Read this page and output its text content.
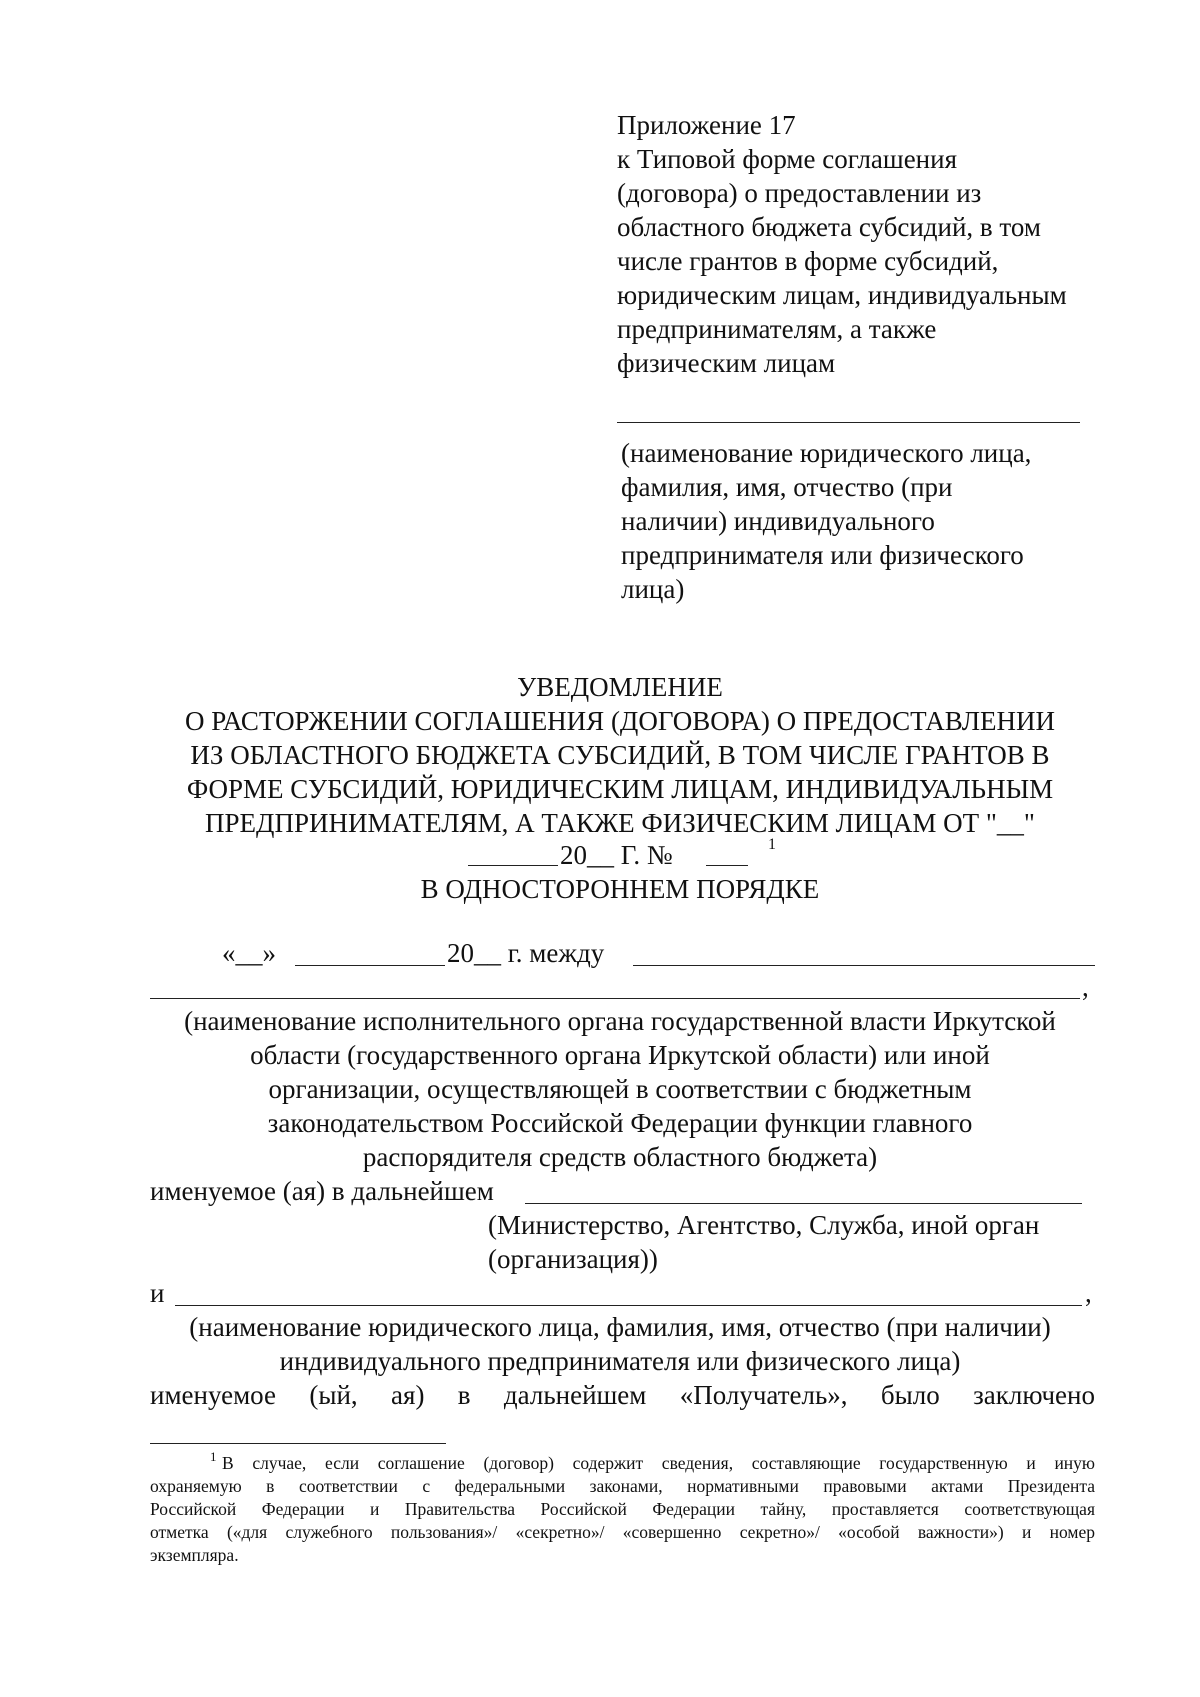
Приложение 17
к Типовой форме соглашения
(договора) о предоставлении из
областного бюджета субсидий, в том
числе грантов в форме субсидий,
юридическим лицам, индивидуальным
предпринимателям, а также
физическим лицам
(наименование юридического лица,
фамилия, имя, отчество (при
наличии) индивидуального
предпринимателя или физического
лица)
УВЕДОМЛЕНИЕ
О РАСТОРЖЕНИИ СОГЛАШЕНИЯ (ДОГОВОРА) О ПРЕДОСТАВЛЕНИИ
ИЗ ОБЛАСТНОГО БЮДЖЕТА СУБСИДИЙ, В ТОМ ЧИСЛЕ ГРАНТОВ В
ФОРМЕ СУБСИДИЙ, ЮРИДИЧЕСКИМ ЛИЦАМ, ИНДИВИДУАЛЬНЫМ
ПРЕДПРИНИМАТЕЛЯМ, А ТАКЖЕ ФИЗИЧЕСКИМ ЛИЦАМ ОТ "__"
20__ Г. №	1
В ОДНОСТОРОННЕМ ПОРЯДКЕ
«__»	20__ г. между
,
(наименование исполнительного органа государственной власти Иркутской
области (государственного органа Иркутской области) или иной
организации, осуществляющей в соответствии с бюджетным
законодательством Российской Федерации функции главного
распорядителя средств областного бюджета)
именуемое (ая) в дальнейшем
(Министерство, Агентство, Служба, иной орган
(организация))
и	,
(наименование юридического лица, фамилия, имя, отчество (при наличии)
индивидуального предпринимателя или физического лица)
именуемое (ый, ая) в дальнейшем «Получатель», было заключено
1 В случае, если соглашение (договор) содержит сведения, составляющие государственную и иную
охраняемую в соответствии с федеральными законами, нормативными правовыми актами Президента
Российской Федерации и Правительства Российской Федерации тайну, проставляется соответствующая
отметка («для служебного пользования»/ «секретно»/ «совершенно секретно»/ «особой важности») и номер
экземпляра.
